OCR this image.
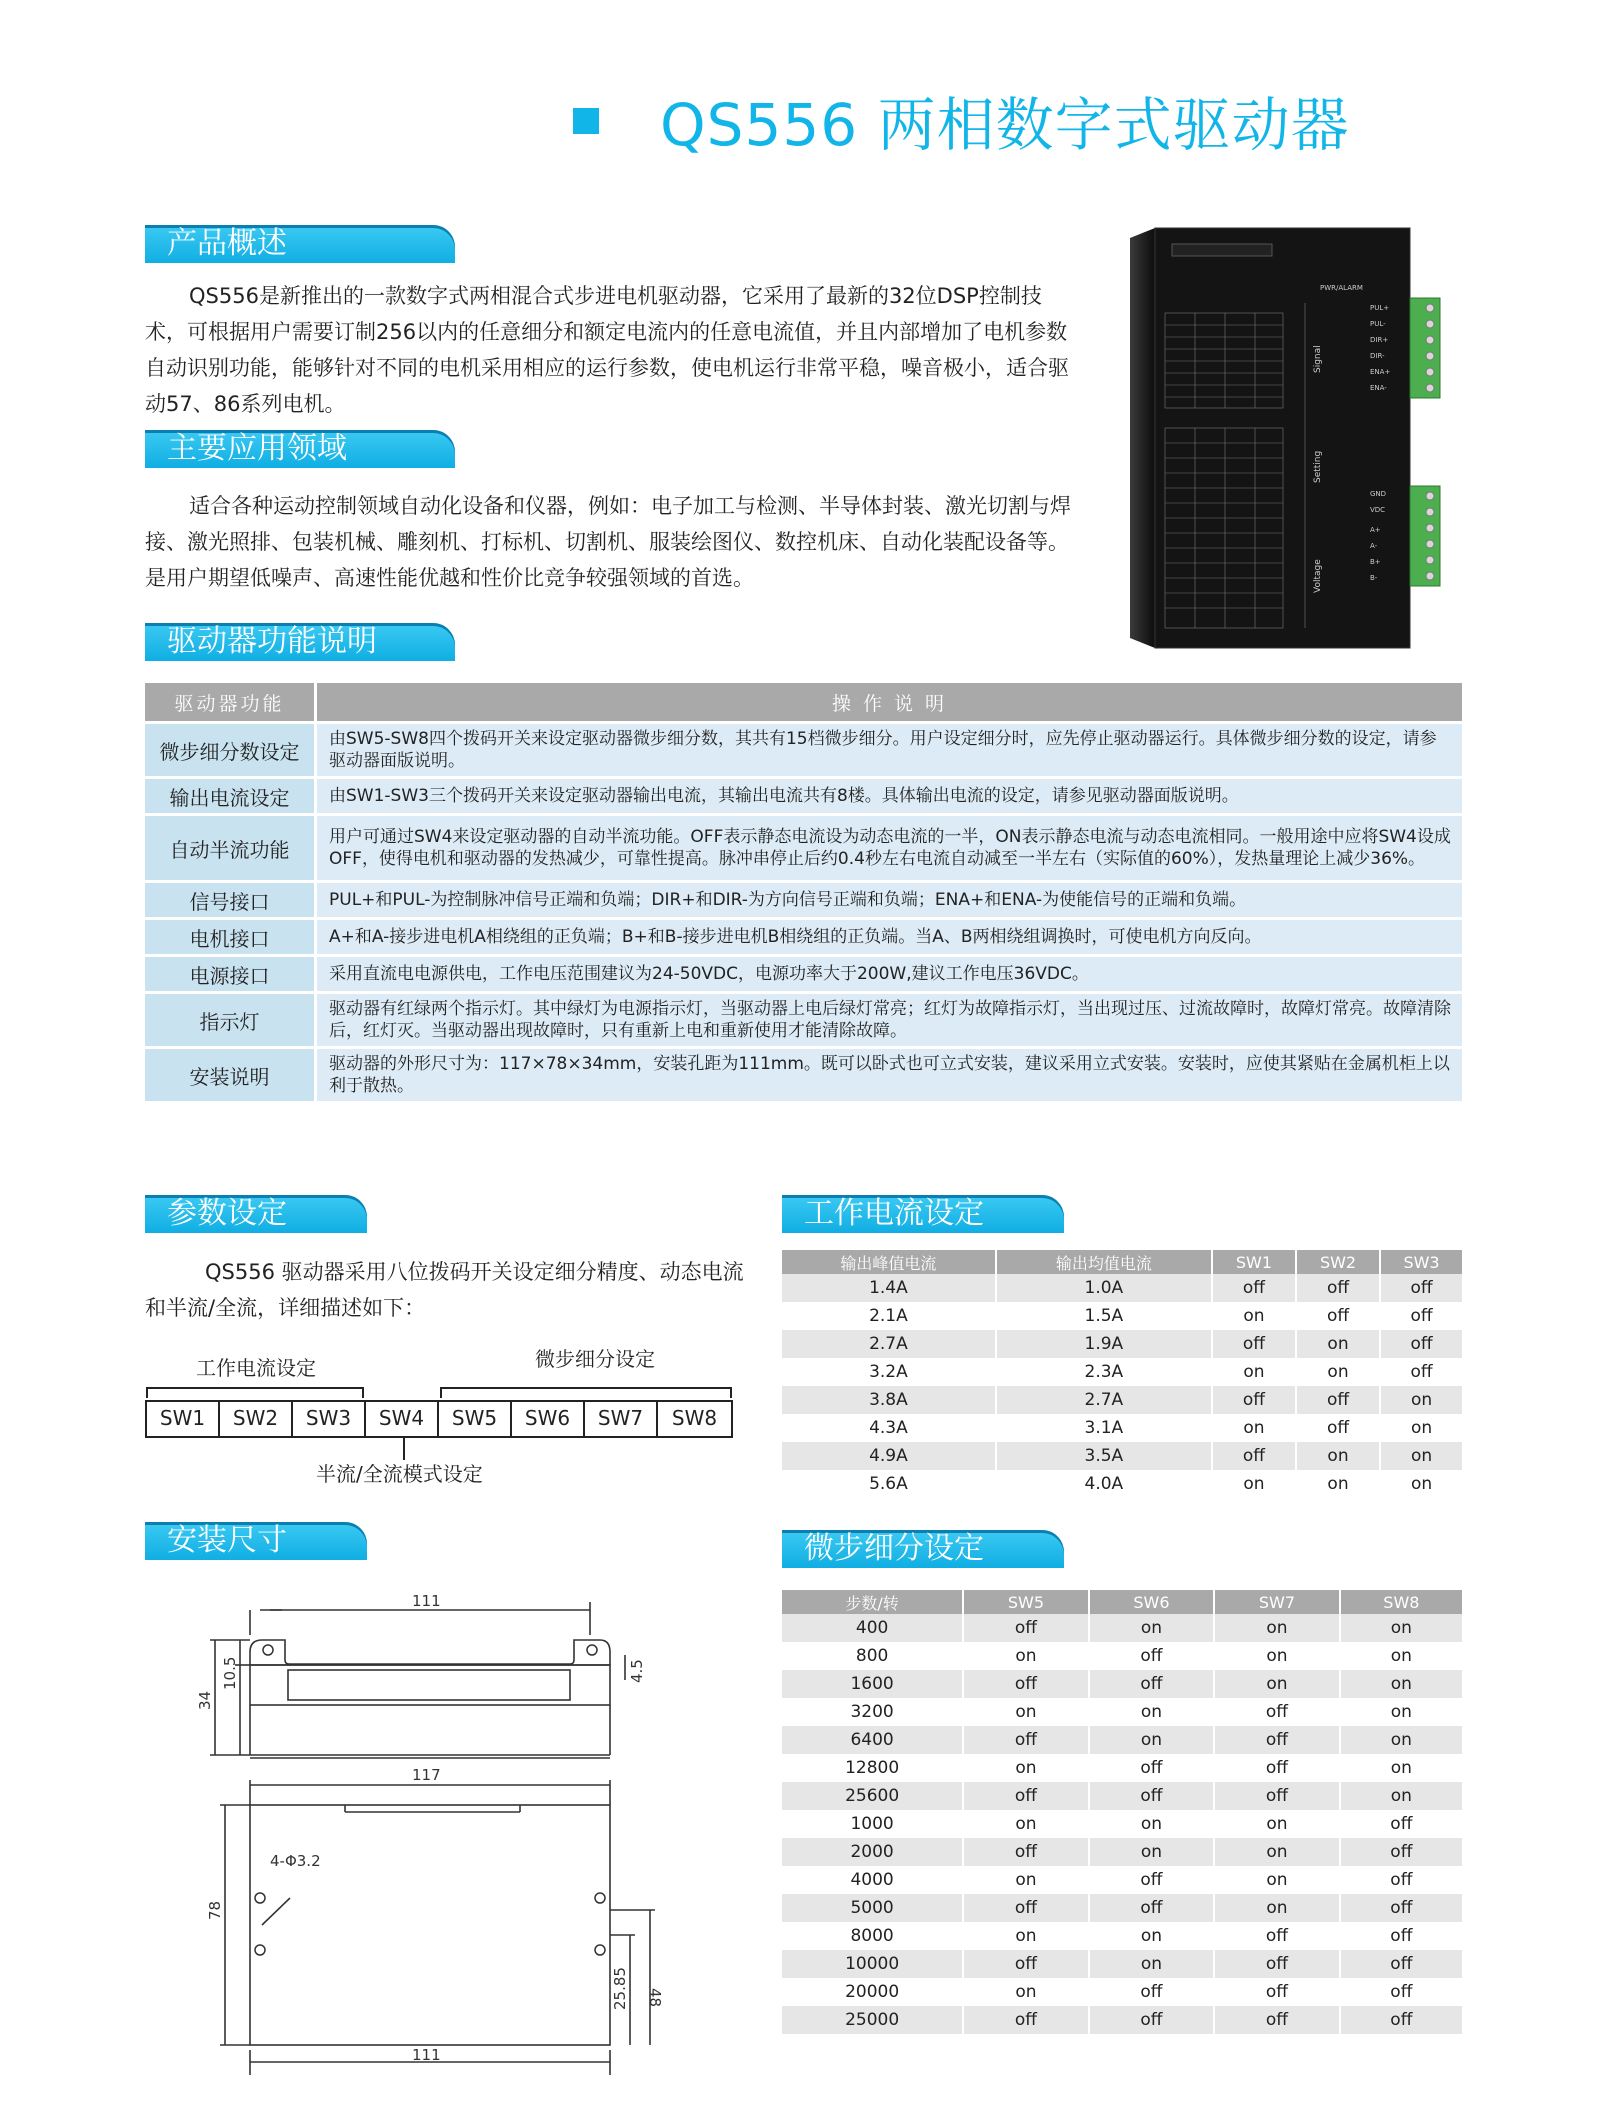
QS556 两相数字式驱动器
PWR/ALARM
Signal
Setting
Voltage
PUL+
PUL-
DIR+
DIR-
ENA+
ENA-
GND
VDC
A+
A-
B+
B-
产品概述
QS556是新推出的一款数字式两相混合式步进电机驱动器，它采用了最新的32位DSP控制技术，可根据用户需要订制256以内的任意细分和额定电流内的任意电流值，并且内部增加了电机参数自动识别功能，能够针对不同的电机采用相应的运行参数，使电机运行非常平稳，噪音极小，适合驱动57、86系列电机。
主要应用领域
适合各种运动控制领域自动化设备和仪器，例如：电子加工与检测、半导体封装、激光切割与焊接、激光照排、包装机械、雕刻机、打标机、切割机、服装绘图仪、数控机床、自动化装配设备等。是用户期望低噪声、高速性能优越和性价比竞争较强领域的首选。
驱动器功能说明
驱动器功能	操 作 说 明
微步细分数设定	由SW5-SW8四个拨码开关来设定驱动器微步细分数，其共有15档微步细分。用户设定细分时，应先停止驱动器运行。具体微步细分数的设定，请参驱动器面版说明。
输出电流设定	由SW1-SW3三个拨码开关来设定驱动器输出电流，其输出电流共有8楼。具体输出电流的设定，请参见驱动器面版说明。
自动半流功能	用户可通过SW4来设定驱动器的自动半流功能。OFF表示静态电流设为动态电流的一半，ON表示静态电流与动态电流相同。一般用途中应将SW4设成OFF，使得电机和驱动器的发热减少，可靠性提高。脉冲串停止后约0.4秒左右电流自动减至一半左右（实际值的60%），发热量理论上减少36%。
信号接口	PUL+和PUL-为控制脉冲信号正端和负端；DIR+和DIR-为方向信号正端和负端；ENA+和ENA-为使能信号的正端和负端。
电机接口	A+和A-接步进电机A相绕组的正负端；B+和B-接步进电机B相绕组的正负端。当A、B两相绕组调换时，可使电机方向反向。
电源接口	采用直流电电源供电，工作电压范围建议为24-50VDC，电源功率大于200W,建议工作电压36VDC。
指示灯	驱动器有红绿两个指示灯。其中绿灯为电源指示灯，当驱动器上电后绿灯常亮；红灯为故障指示灯，当出现过压、过流故障时，故障灯常亮。故障清除后，红灯灭。当驱动器出现故障时，只有重新上电和重新使用才能清除故障。
安装说明	驱动器的外形尺寸为：117×78×34mm，安装孔距为111mm。既可以卧式也可立式安装，建议采用立式安装。安装时，应使其紧贴在金属机柜上以利于散热。
参数设定
QS556 驱动器采用八位拨码开关设定细分精度、动态电流和半流/全流，详细描述如下：
工作电流设定	微步细分设定
SW1	SW2	SW3	SW4	SW5	SW6	SW7	SW8
半流/全流模式设定
工作电流设定
输出峰值电流	输出均值电流	SW1	SW2	SW3
1.4A	1.0A	off	off	off
2.1A	1.5A	on	off	off
2.7A	1.9A	off	on	off
3.2A	2.3A	on	on	off
3.8A	2.7A	off	off	on
4.3A	3.1A	on	off	on
4.9A	3.5A	off	on	on
5.6A	4.0A	on	on	on
安装尺寸
111
10.5	4.5
34
117
4-Φ3.2
78
48
25.85
111
微步细分设定
步数/转	SW5	SW6	SW7	SW8
400	off	on	on	on
800	on	off	on	on
1600	off	off	on	on
3200	on	on	off	on
6400	off	on	off	on
12800	on	off	off	on
25600	off	off	off	on
1000	on	on	on	off
2000	off	on	on	off
4000	on	off	on	off
5000	off	off	on	off
8000	on	on	off	off
10000	off	on	off	off
20000	on	off	off	off
25000	off	off	off	off
